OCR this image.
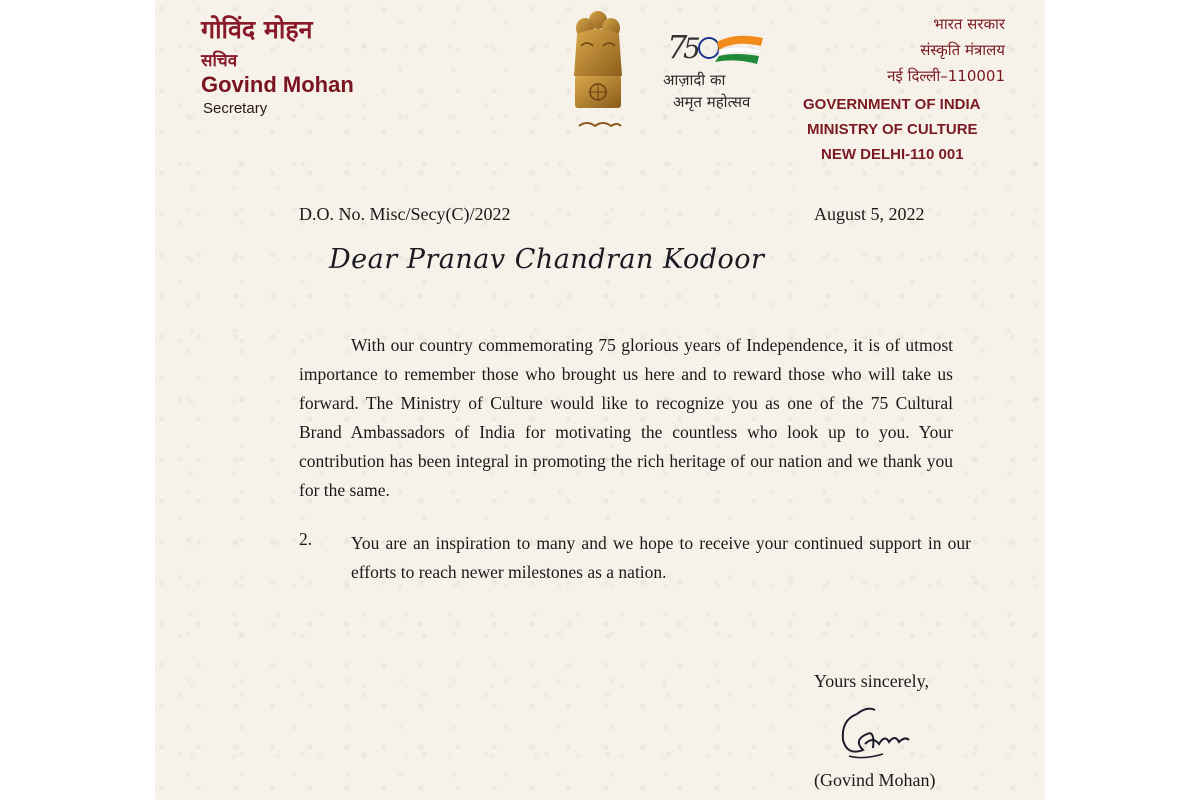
गोविंद मोहन
सचिव
Govind Mohan
Secretary
7
5
आज़ादी का
अमृत महोत्सव
भारत सरकार
संस्कृति मंत्रालय
नई दिल्ली–110001
GOVERNMENT OF INDIA
MINISTRY OF CULTURE
NEW DELHI-110 001
D.O. No. Misc/Secy(C)/2022	August 5, 2022
Dear Pranav Chandran Kodoor

With our country commemorating 75 glorious years of Independence, it is of utmost importance to remember those who brought us here and to reward those who will take us forward. The Ministry of Culture would like to recognize you as one of the 75 Cultural Brand Ambassadors of India for motivating the countless who look up to you. Your contribution has been integral in promoting the rich heritage of our nation and we thank you for the same.

2. You are an inspiration to many and we hope to receive your continued support in our efforts to reach newer milestones as a nation.

Yours sincerely,
(Govind Mohan)
